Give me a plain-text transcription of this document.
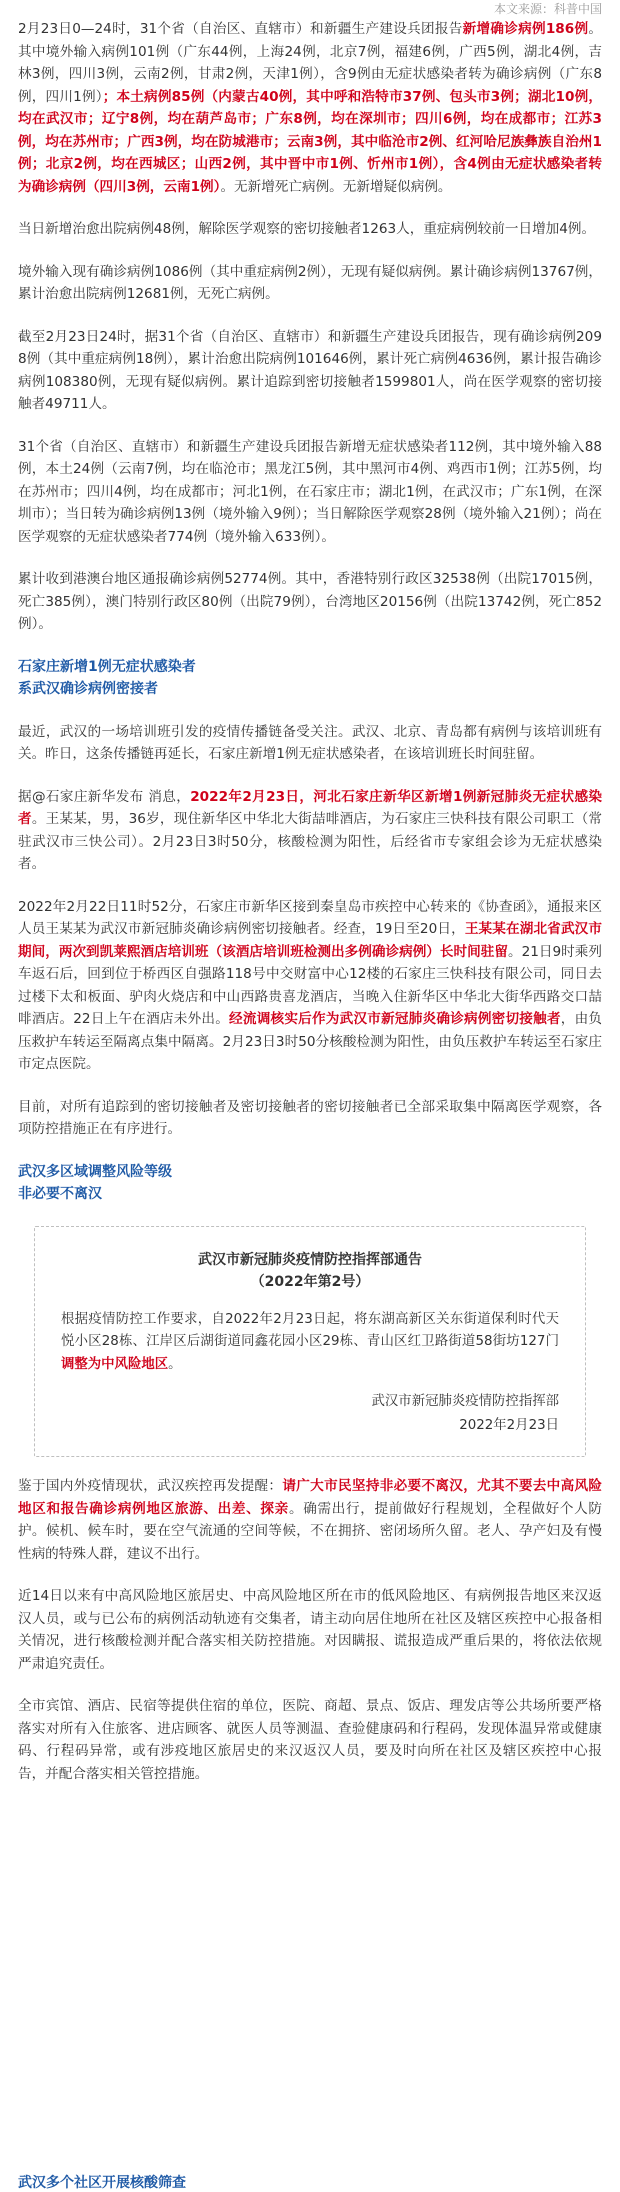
本文来源：科普中国

2月23日0—24时，31个省（自治区、直辖市）和新疆生产建设兵团报告新增确诊病例186例。其中境外输入病例101例（广东44例，上海24例，北京7例，福建6例，广西5例，湖北4例，吉林3例，四川3例，云南2例，甘肃2例，天津1例），含9例由无症状感染者转为确诊病例（广东8例，四川1例）；本土病例85例（内蒙古40例，其中呼和浩特市37例、包头市3例；湖北10例，均在武汉市；辽宁8例，均在葫芦岛市；广东8例，均在深圳市；四川6例，均在成都市；江苏3例，均在苏州市；广西3例，均在防城港市；云南3例，其中临沧市2例、红河哈尼族彝族自治州1例；北京2例，均在西城区；山西2例，其中晋中市1例、忻州市1例），含4例由无症状感染者转为确诊病例（四川3例，云南1例）。无新增死亡病例。无新增疑似病例。

当日新增治愈出院病例48例，解除医学观察的密切接触者1263人，重症病例较前一日增加4例。

境外输入现有确诊病例1086例（其中重症病例2例），无现有疑似病例。累计确诊病例13767例，累计治愈出院病例12681例，无死亡病例。

截至2月23日24时，据31个省（自治区、直辖市）和新疆生产建设兵团报告，现有确诊病例2098例（其中重症病例18例），累计治愈出院病例101646例，累计死亡病例4636例，累计报告确诊病例108380例，无现有疑似病例。累计追踪到密切接触者1599801人，尚在医学观察的密切接触者49711人。

31个省（自治区、直辖市）和新疆生产建设兵团报告新增无症状感染者112例，其中境外输入88例，本土24例（云南7例，均在临沧市；黑龙江5例，其中黑河市4例、鸡西市1例；江苏5例，均在苏州市；四川4例，均在成都市；河北1例，在石家庄市；湖北1例，在武汉市；广东1例，在深圳市）；当日转为确诊病例13例（境外输入9例）；当日解除医学观察28例（境外输入21例）；尚在医学观察的无症状感染者774例（境外输入633例）。

累计收到港澳台地区通报确诊病例52774例。其中，香港特别行政区32538例（出院17015例，死亡385例），澳门特别行政区80例（出院79例），台湾地区20156例（出院13742例，死亡852例）。

石家庄新增1例无症状感染者
系武汉确诊病例密接者

最近，武汉的一场培训班引发的疫情传播链备受关注。武汉、北京、青岛都有病例与该培训班有关。昨日，这条传播链再延长，石家庄新增1例无症状感染者，在该培训班长时间驻留。

据@石家庄新华发布 消息，2022年2月23日，河北石家庄新华区新增1例新冠肺炎无症状感染者。王某某，男，36岁，现住新华区中华北大街喆啡酒店，为石家庄三快科技有限公司职工（常驻武汉市三快公司）。2月23日3时50分，核酸检测为阳性，后经省市专家组会诊为无症状感染者。

2022年2月22日11时52分，石家庄市新华区接到秦皇岛市疾控中心转来的《协查函》，通报来区人员王某某为武汉市新冠肺炎确诊病例密切接触者。经查，19日至20日，王某某在湖北省武汉市期间，两次到凯莱熙酒店培训班（该酒店培训班检测出多例确诊病例）长时间驻留。21日9时乘列车返石后，回到位于桥西区自强路118号中交财富中心12楼的石家庄三快科技有限公司，同日去过楼下太和板面、驴肉火烧店和中山西路贵喜龙酒店，当晚入住新华区中华北大街华西路交口喆啡酒店。22日上午在酒店未外出。经流调核实后作为武汉市新冠肺炎确诊病例密切接触者，由负压救护车转运至隔离点集中隔离。2月23日3时50分核酸检测为阳性，由负压救护车转运至石家庄市定点医院。

目前，对所有追踪到的密切接触者及密切接触者的密切接触者已全部采取集中隔离医学观察，各项防控措施正在有序进行。

武汉多区域调整风险等级
非必要不离汉
武汉市新冠肺炎疫情防控指挥部通告
（2022年第2号）

根据疫情防控工作要求，自2022年2月23日起，将东湖高新区关东街道保利时代天悦小区28栋、江岸区后湖街道同鑫花园小区29栋、青山区红卫路街道58街坊127门调整为中风险地区。

武汉市新冠肺炎疫情防控指挥部
2022年2月23日

鉴于国内外疫情现状，武汉疾控再发提醒：请广大市民坚持非必要不离汉，尤其不要去中高风险地区和报告确诊病例地区旅游、出差、探亲。确需出行，提前做好行程规划，全程做好个人防护。候机、候车时，要在空气流通的空间等候，不在拥挤、密闭场所久留。老人、孕产妇及有慢性病的特殊人群，建议不出行。

近14日以来有中高风险地区旅居史、中高风险地区所在市的低风险地区、有病例报告地区来汉返汉人员，或与已公布的病例活动轨迹有交集者，请主动向居住地所在社区及辖区疾控中心报备相关情况，进行核酸检测并配合落实相关防控措施。对因瞒报、谎报造成严重后果的，将依法依规严肃追究责任。

全市宾馆、酒店、民宿等提供住宿的单位，医院、商超、景点、饭店、理发店等公共场所要严格落实对所有入住旅客、进店顾客、就医人员等测温、查验健康码和行程码，发现体温异常或健康码、行程码异常，或有涉疫地区旅居史的来汉返汉人员，要及时向所在社区及辖区疾控中心报告，并配合落实相关管控措施。

武汉多个社区开展核酸筛查
